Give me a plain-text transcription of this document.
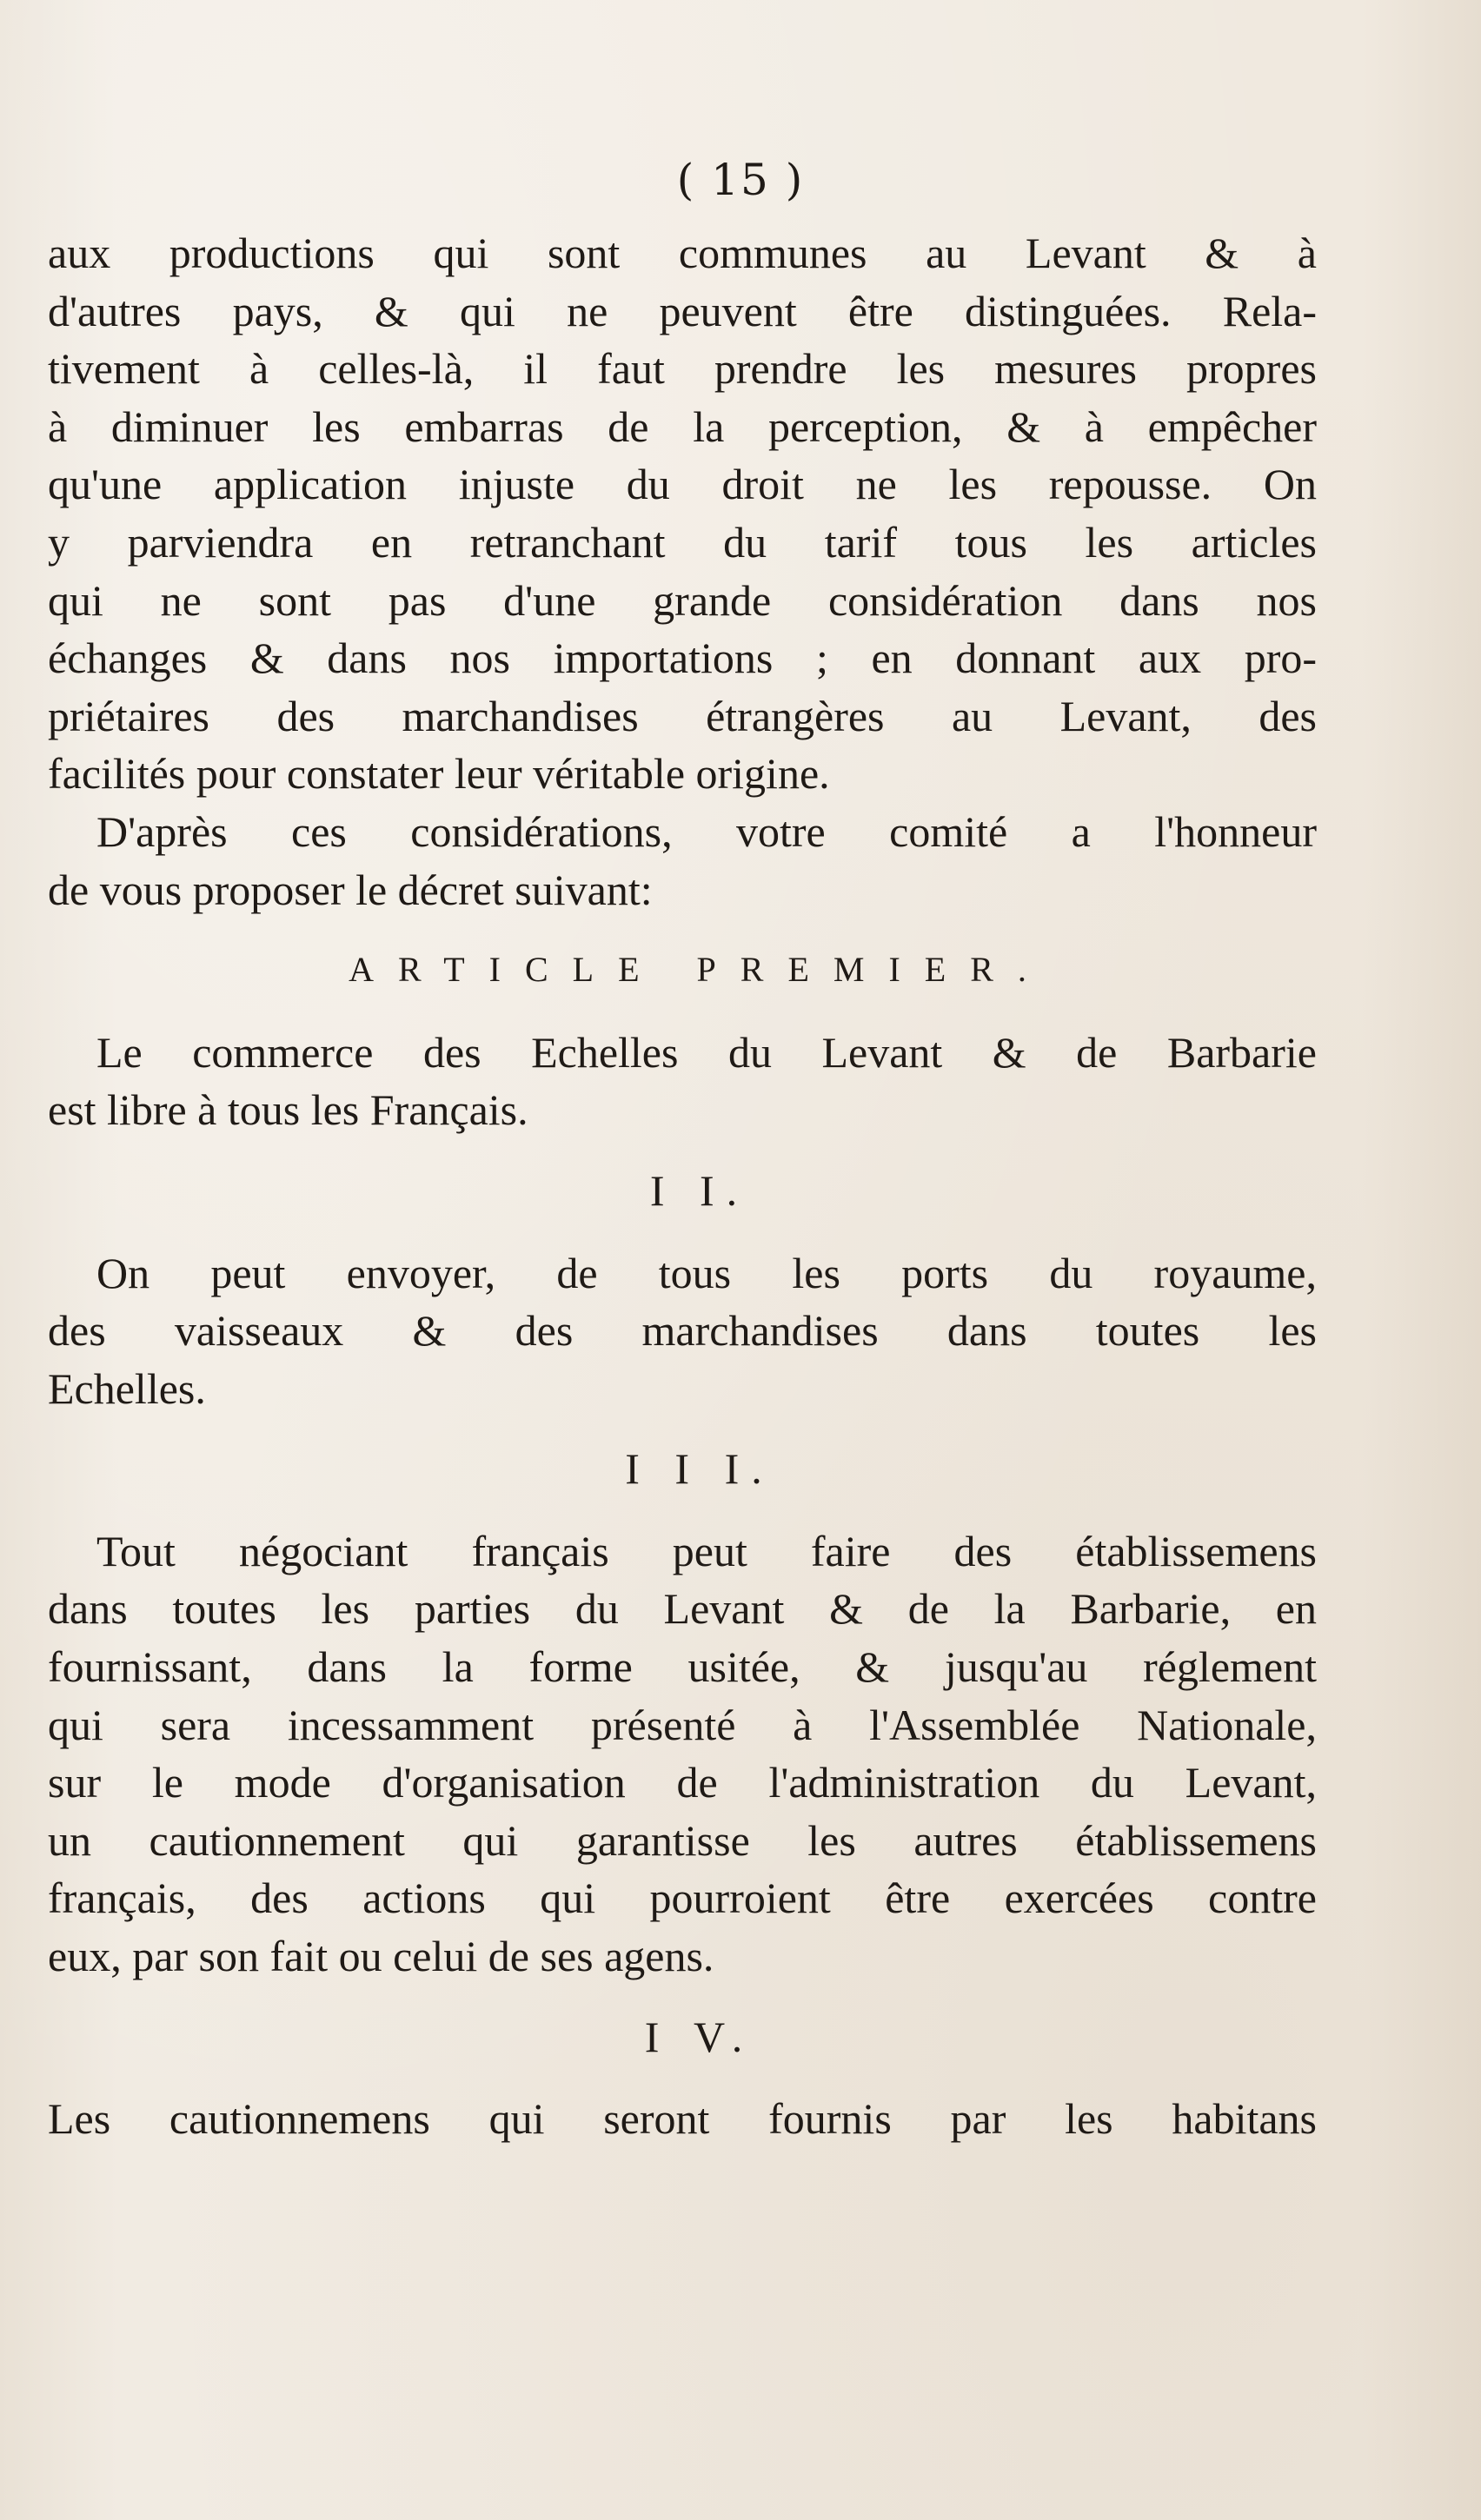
( 15 )
aux productions qui sont communes au Levant & à
d'autres pays, & qui ne peuvent être distinguées. Rela-
tivement à celles-là, il faut prendre les mesures propres
à diminuer les embarras de la perception, & à empêcher
qu'une application injuste du droit ne les repousse. On
y parviendra en retranchant du tarif tous les articles
qui ne sont pas d'une grande considération dans nos
échanges & dans nos importations ; en donnant aux pro-
priétaires des marchandises étrangères au Levant, des
facilités pour constater leur véritable origine.
D'après ces considérations, votre comité a l'honneur
de vous proposer le décret suivant:
ARTICLE PREMIER.
Le commerce des Echelles du Levant & de Barbarie
est libre à tous les Français.
I I.
On peut envoyer, de tous les ports du royaume,
des vaisseaux & des marchandises dans toutes les
Echelles.
I I I.
Tout négociant français peut faire des établissemens
dans toutes les parties du Levant & de la Barbarie, en
fournissant, dans la forme usitée, & jusqu'au réglement
qui sera incessamment présenté à l'Assemblée Nationale,
sur le mode d'organisation de l'administration du Levant,
un cautionnement qui garantisse les autres établissemens
français, des actions qui pourroient être exercées contre
eux, par son fait ou celui de ses agens.
I V.
Les cautionnemens qui seront fournis par les habitans
